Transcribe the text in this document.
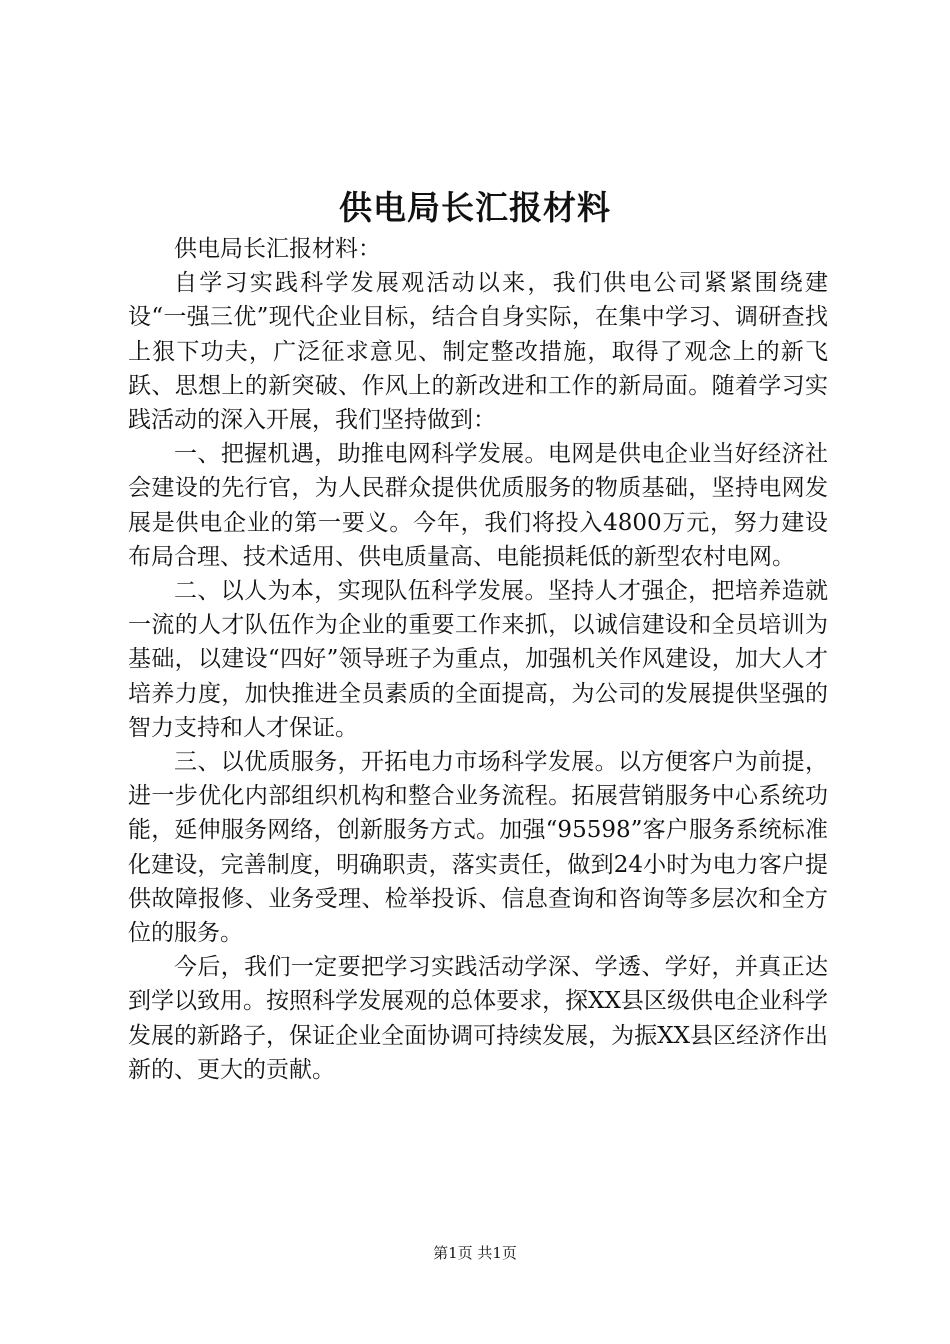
供电局长汇报材料

供电局长汇报材料：

自学习实践科学发展观活动以来，我们供电公司紧紧围绕建设“一强三优”现代企业目标，结合自身实际，在集中学习、调研查找上狠下功夫，广泛征求意见、制定整改措施，取得了观念上的新飞跃、思想上的新突破、作风上的新改进和工作的新局面。随着学习实践活动的深入开展，我们坚持做到：

一、把握机遇，助推电网科学发展。电网是供电企业当好经济社会建设的先行官，为人民群众提供优质服务的物质基础，坚持电网发展是供电企业的第一要义。今年，我们将投入4800万元，努力建设布局合理、技术适用、供电质量高、电能损耗低的新型农村电网。

二、以人为本，实现队伍科学发展。坚持人才强企，把培养造就一流的人才队伍作为企业的重要工作来抓，以诚信建设和全员培训为基础，以建设“四好”领导班子为重点，加强机关作风建设，加大人才培养力度，加快推进全员素质的全面提高，为公司的发展提供坚强的智力支持和人才保证。

三、以优质服务，开拓电力市场科学发展。以方便客户为前提，进一步优化内部组织机构和整合业务流程。拓展营销服务中心系统功能，延伸服务网络，创新服务方式。加强“95598”客户服务系统标准化建设，完善制度，明确职责，落实责任，做到24小时为电力客户提供故障报修、业务受理、检举投诉、信息查询和咨询等多层次和全方位的服务。

今后，我们一定要把学习实践活动学深、学透、学好，并真正达到学以致用。按照科学发展观的总体要求，探XX县区级供电企业科学发展的新路子，保证企业全面协调可持续发展，为振XX县区经济作出新的、更大的贡献。

第1页 共1页
